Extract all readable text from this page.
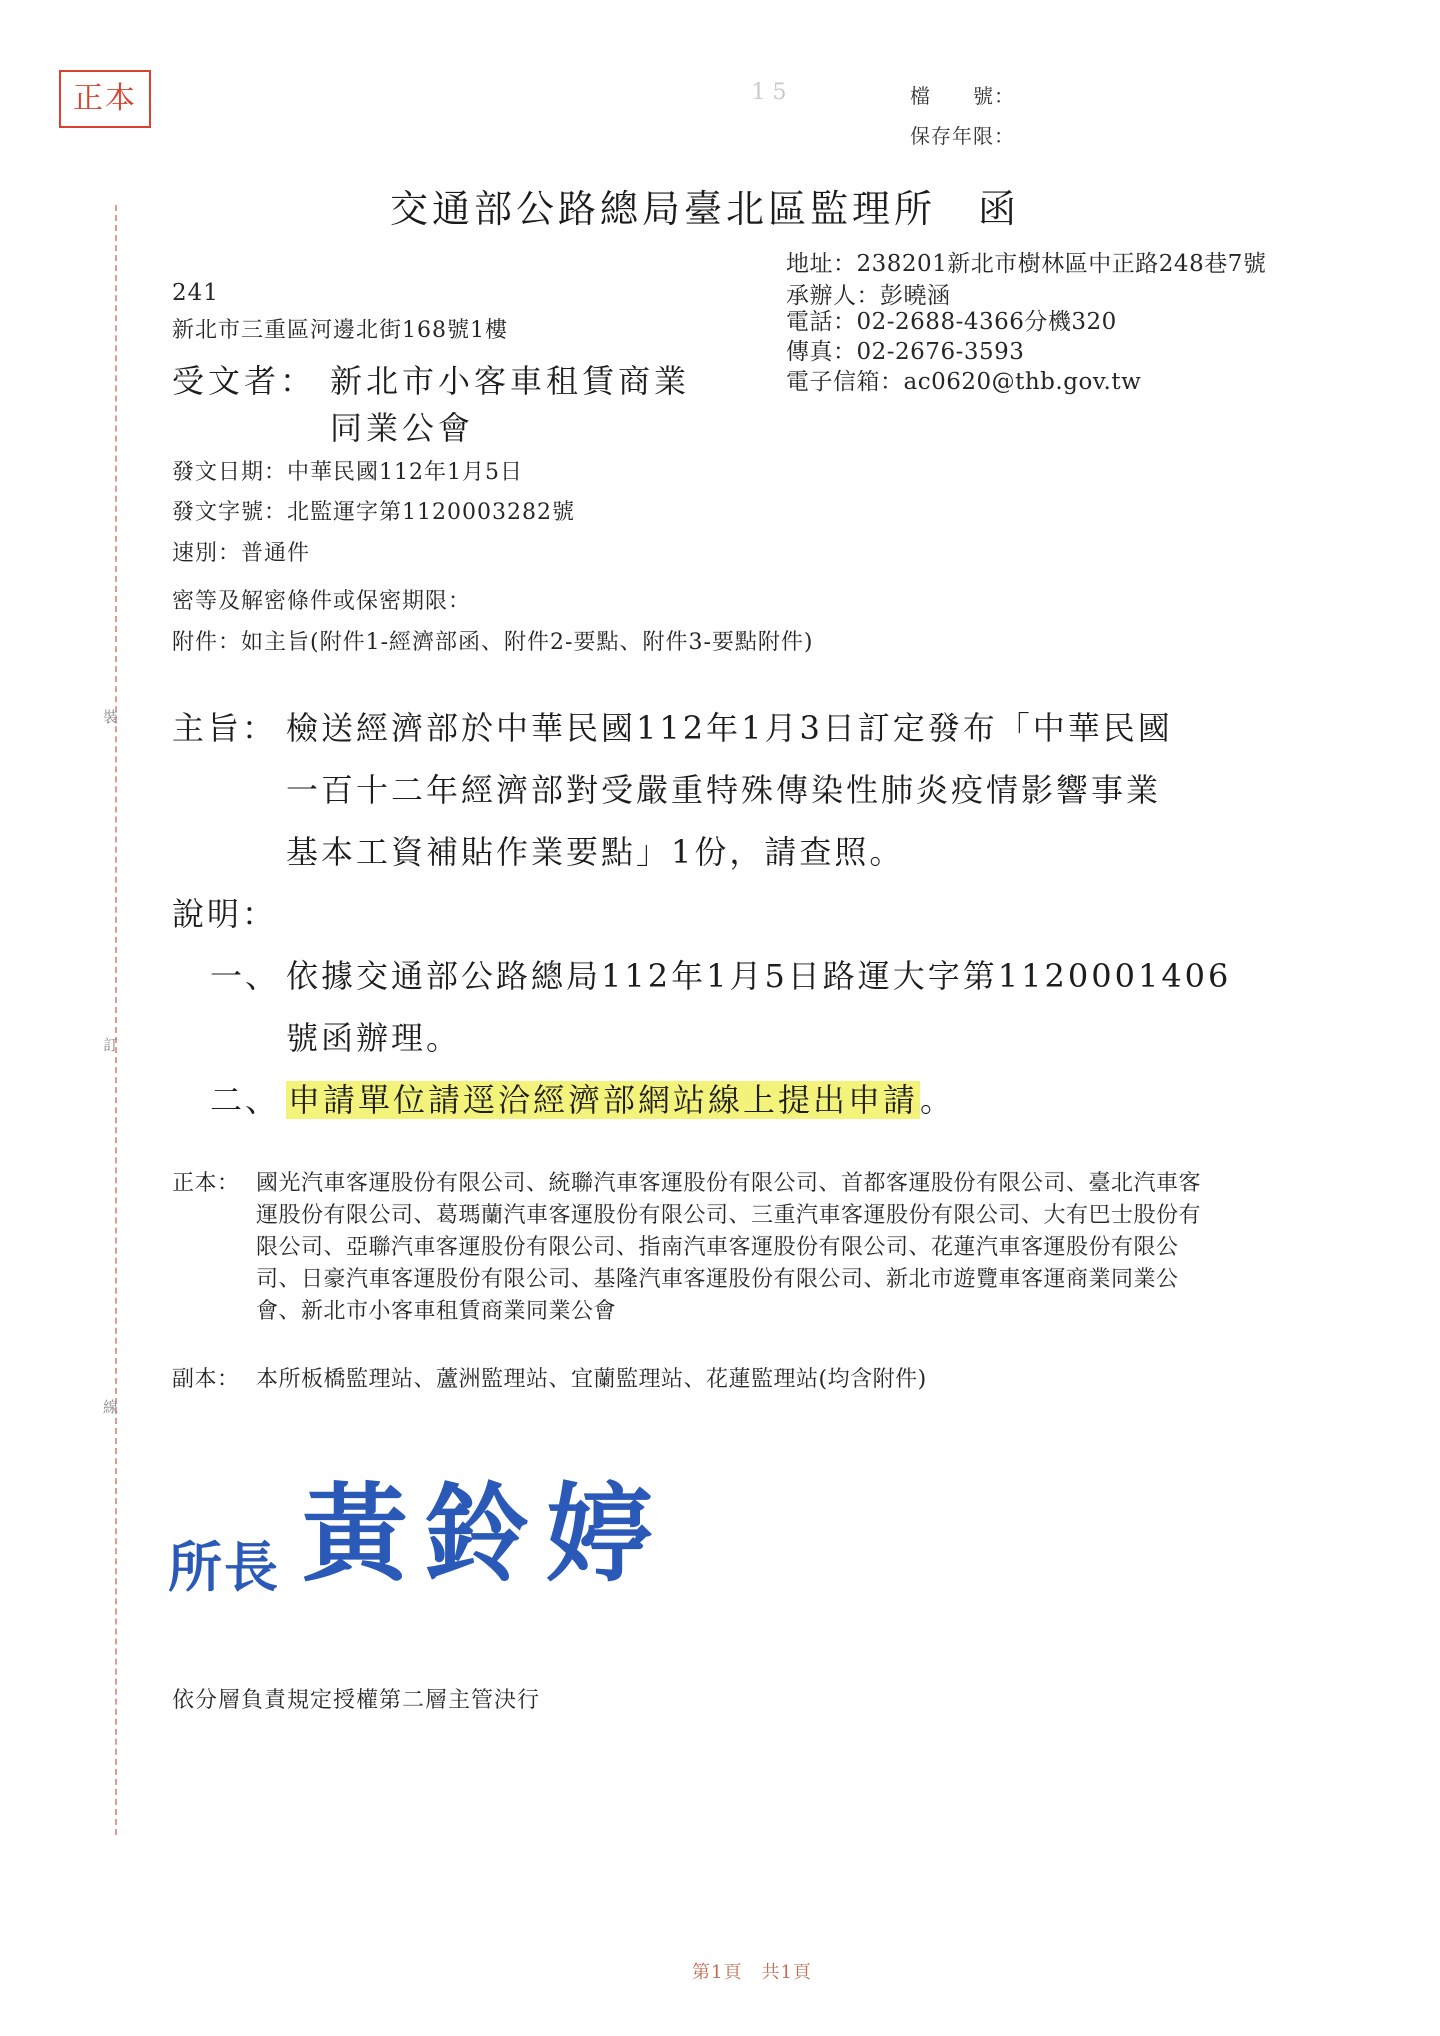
正本	1 5	檔　　號：
保存年限：
裝
訂
線
交通部公路總局臺北區監理所　函
地址：238201新北市樹林區中正路248巷7號
承辦人：彭曉涵
電話：02-2688-4366分機320
傳真：02-2676-3593
電子信箱：ac0620@thb.gov.tw
241
新北市三重區河邊北街168號1樓
受文者： 新北市小客車租賃商業
同業公會
發文日期：中華民國112年1月5日
發文字號：北監運字第1120003282號
速別：普通件
密等及解密條件或保密期限：
附件：如主旨(附件1-經濟部函、附件2-要點、附件3-要點附件)
主旨： 檢送經濟部於中華民國112年1月3日訂定發布「中華民國
一百十二年經濟部對受嚴重特殊傳染性肺炎疫情影響事業
基本工資補貼作業要點」1份，請查照。
說明：
一、 依據交通部公路總局112年1月5日路運大字第1120001406
號函辦理。
二、 申請單位請逕洽經濟部網站線上提出申請。
正本： 國光汽車客運股份有限公司、統聯汽車客運股份有限公司、首都客運股份有限公司、臺北汽車客運股份有限公司、葛瑪蘭汽車客運股份有限公司、三重汽車客運股份有限公司、大有巴士股份有限公司、亞聯汽車客運股份有限公司、指南汽車客運股份有限公司、花蓮汽車客運股份有限公司、日豪汽車客運股份有限公司、基隆汽車客運股份有限公司、新北市遊覽車客運商業同業公會、新北市小客車租賃商業同業公會
副本： 本所板橋監理站、蘆洲監理站、宜蘭監理站、花蓮監理站(均含附件)
所長 黃鈴婷
依分層負責規定授權第二層主管決行
第1頁　共1頁
